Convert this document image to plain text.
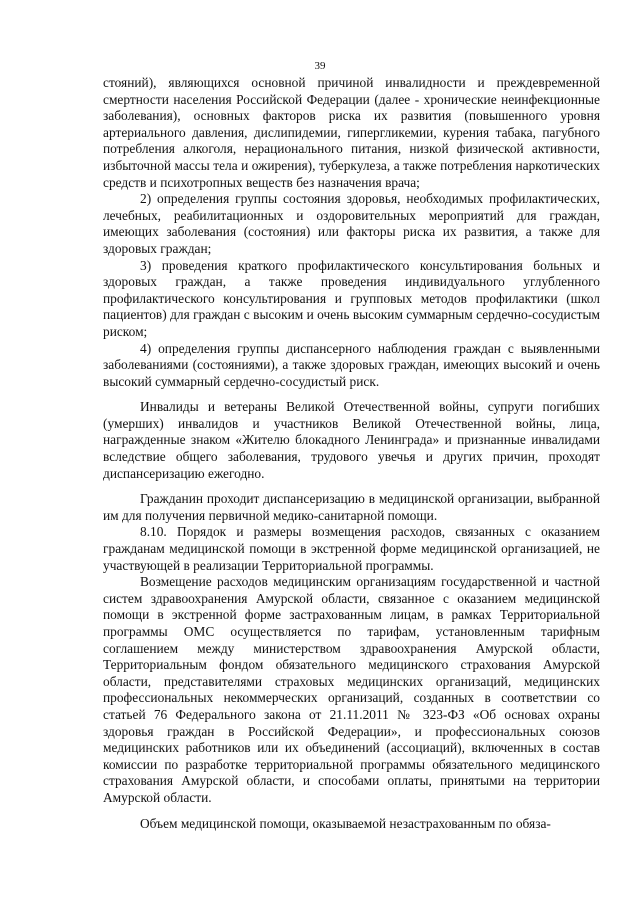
39

стояний), являющихся основной причиной инвалидности и преждевременной смертности населения Российской Федерации (далее - хронические неинфекционные заболевания), основных факторов риска их развития (повышенного уровня артериального давления, дислипидемии, гипергликемии, курения табака, пагубного потребления алкоголя, нерационального питания, низкой физической активности, избыточной массы тела и ожирения), туберкулеза, а также потребления наркотических средств и психотропных веществ без назначения врача;

2) определения группы состояния здоровья, необходимых профилактических, лечебных, реабилитационных и оздоровительных мероприятий для граждан, имеющих заболевания (состояния) или факторы риска их развития, а также для здоровых граждан;

3) проведения краткого профилактического консультирования больных и здоровых граждан, а также проведения индивидуального углубленного профилактического консультирования и групповых методов профилактики (школ пациентов) для граждан с высоким и очень высоким суммарным сердечно-сосудистым риском;

4) определения группы диспансерного наблюдения граждан с выявленными заболеваниями (состояниями), а также здоровых граждан, имеющих высокий и очень высокий суммарный сердечно-сосудистый риск.

Инвалиды и ветераны Великой Отечественной войны, супруги погибших (умерших) инвалидов и участников Великой Отечественной войны, лица, награжденные знаком «Жителю блокадного Ленинграда» и признанные инвалидами вследствие общего заболевания, трудового увечья и других причин, проходят диспансеризацию ежегодно.

Гражданин проходит диспансеризацию в медицинской организации, выбранной им для получения первичной медико-санитарной помощи.

8.10. Порядок и размеры возмещения расходов, связанных с оказанием гражданам медицинской помощи в экстренной форме медицинской организацией, не участвующей в реализации Территориальной программы.

Возмещение расходов медицинским организациям государственной и частной систем здравоохранения Амурской области, связанное с оказанием медицинской помощи в экстренной форме застрахованным лицам, в рамках Территориальной программы ОМС осуществляется по тарифам, установленным тарифным соглашением между министерством здравоохранения Амурской области, Территориальным фондом обязательного медицинского страхования Амурской области, представителями страховых медицинских организаций, медицинских профессиональных некоммерческих организаций, созданных в соответствии со статьей 76 Федерального закона от 21.11.2011 № 323-ФЗ «Об основах охраны здоровья граждан в Российской Федерации», и профессиональных союзов медицинских работников или их объединений (ассоциаций), включенных в состав комиссии по разработке территориальной программы обязательного медицинского страхования Амурской области, и способами оплаты, принятыми на территории Амурской области.

Объем медицинской помощи, оказываемой незастрахованным по обяза-
